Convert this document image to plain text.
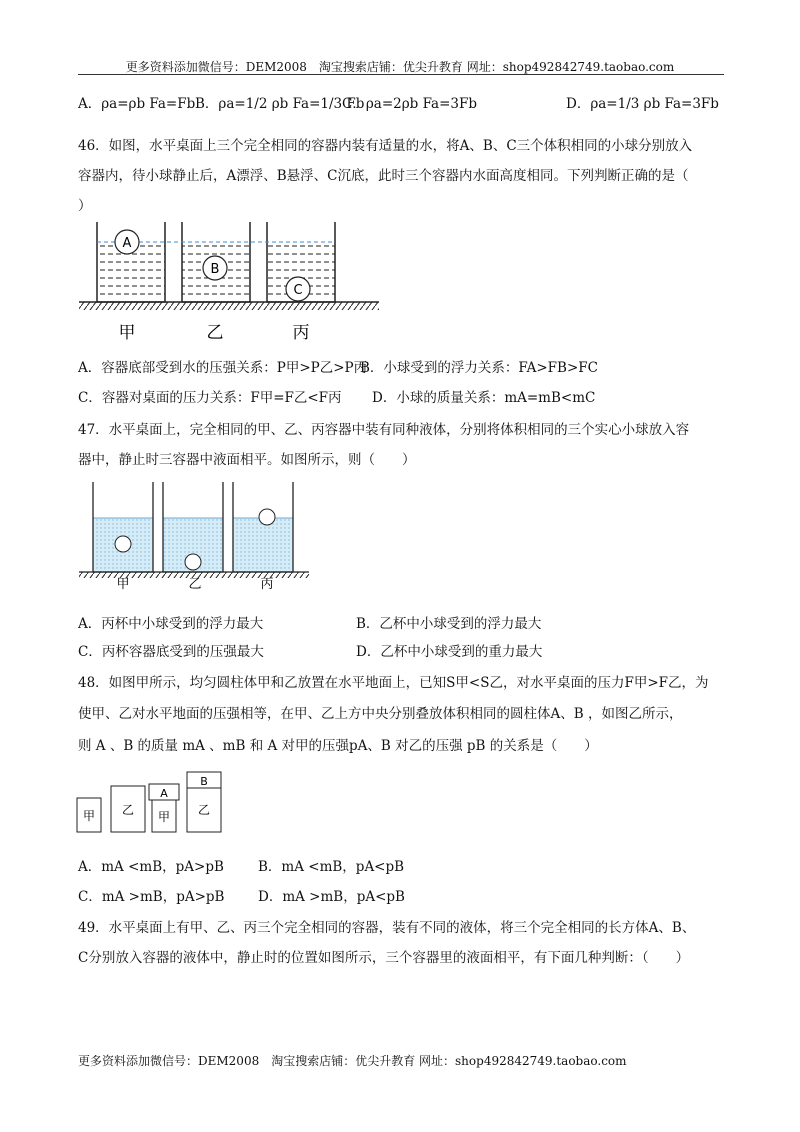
更多资料添加微信号：DEM2008　淘宝搜索店铺：优尖升教育 网址：shop492842749.taobao.com
A．ρa=ρb Fa=Fb B．ρa=1/2 ρb Fa=1/3 Fb
C．ρa=2ρb Fa=3Fb	D．ρa=1/3 ρb Fa=3Fb
46．如图，水平桌面上三个完全相同的容器内装有适量的水，将A、B、C三个体积相同的小球分别放入
容器内，待小球静止后，A漂浮、B悬浮、C沉底，此时三个容器内水面高度相同。下列判断正确的是（
）
A
B
C
甲	乙	丙
A．容器底部受到水的压强关系：P甲>P乙>P丙
B．小球受到的浮力关系：FA>FB>FC
C．容器对桌面的压力关系：F甲=F乙<F丙 D．小球的质量关系：mA=mB<mC
47．水平桌面上，完全相同的甲、乙、丙容器中装有同种液体，分别将体积相同的三个实心小球放入容
器中，静止时三容器中液面相平。如图所示，则（　　）
甲	乙	丙
A．丙杯中小球受到的浮力最大	B．乙杯中小球受到的浮力最大
C．丙杯容器底受到的压强最大	D．乙杯中小球受到的重力最大
48．如图甲所示，均匀圆柱体甲和乙放置在水平地面上，已知S甲<S乙，对水平桌面的压力F甲>F乙，为
使甲、乙对水平地面的压强相等，在甲、乙上方中央分别叠放体积相同的圆柱体A、B ，如图乙所示，
则 A 、B 的质量 mA 、mB 和 A 对甲的压强pA、B 对乙的压强 pB 的关系是（　　）
甲 乙
A
甲
B
乙
A．mA <mB，pA>pB	B．mA <mB，pA<pB
C．mA >mB，pA>pB D．mA >mB，pA<pB
49．水平桌面上有甲、乙、丙三个完全相同的容器，装有不同的液体，将三个完全相同的长方体A、B、
C分别放入容器的液体中，静止时的位置如图所示，三个容器里的液面相平，有下面几种判断：（　　）
更多资料添加微信号：DEM2008　淘宝搜索店铺：优尖升教育 网址：shop492842749.taobao.com
